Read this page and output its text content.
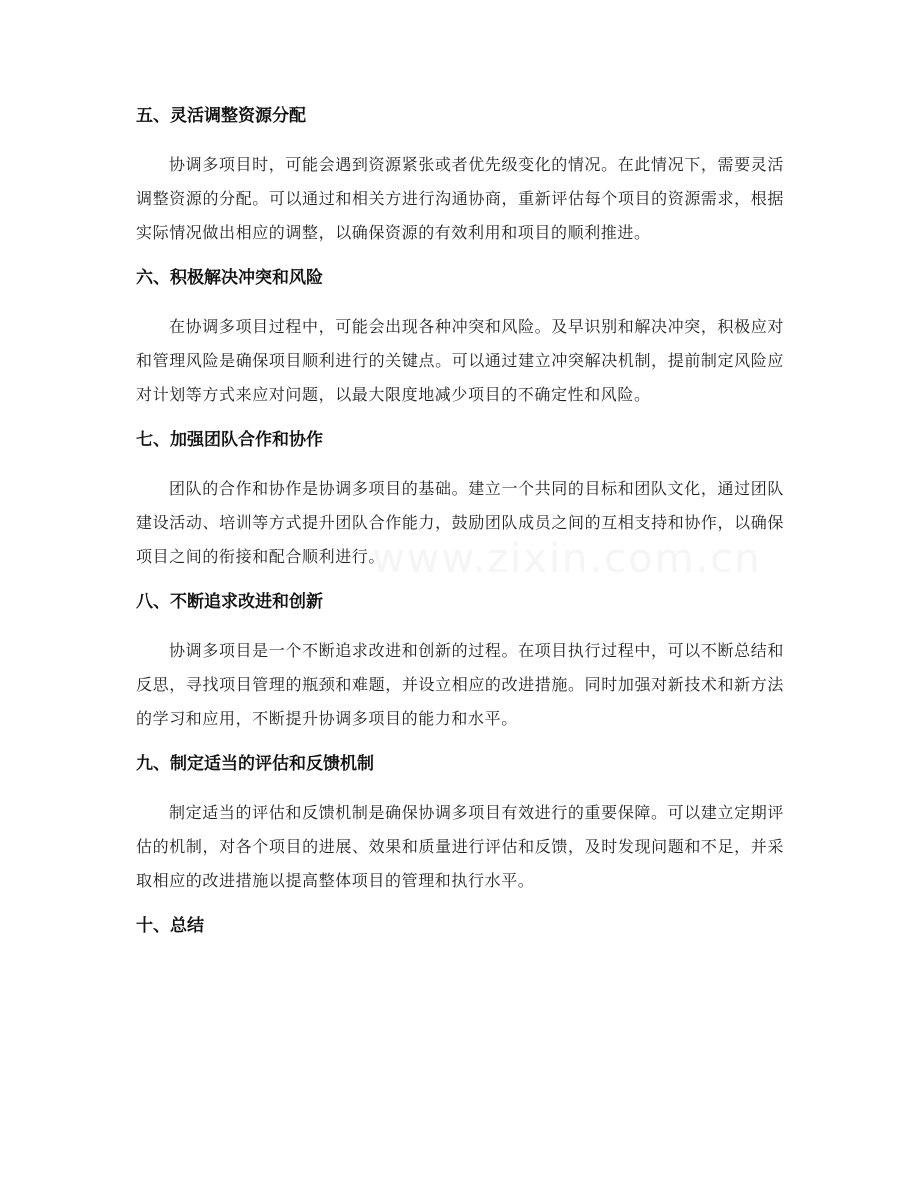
www.zixin.com.cn
五、灵活调整资源分配

协调多项目时，可能会遇到资源紧张或者优先级变化的情况。在此情况下，需要灵活调整资源的分配。可以通过和相关方进行沟通协商，重新评估每个项目的资源需求，根据实际情况做出相应的调整，以确保资源的有效利用和项目的顺利推进。

六、积极解决冲突和风险

在协调多项目过程中，可能会出现各种冲突和风险。及早识别和解决冲突，积极应对和管理风险是确保项目顺利进行的关键点。可以通过建立冲突解决机制，提前制定风险应对计划等方式来应对问题，以最大限度地减少项目的不确定性和风险。

七、加强团队合作和协作

团队的合作和协作是协调多项目的基础。建立一个共同的目标和团队文化，通过团队建设活动、培训等方式提升团队合作能力，鼓励团队成员之间的互相支持和协作，以确保项目之间的衔接和配合顺利进行。

八、不断追求改进和创新

协调多项目是一个不断追求改进和创新的过程。在项目执行过程中，可以不断总结和反思，寻找项目管理的瓶颈和难题，并设立相应的改进措施。同时加强对新技术和新方法的学习和应用，不断提升协调多项目的能力和水平。

九、制定适当的评估和反馈机制

制定适当的评估和反馈机制是确保协调多项目有效进行的重要保障。可以建立定期评估的机制，对各个项目的进展、效果和质量进行评估和反馈，及时发现问题和不足，并采取相应的改进措施以提高整体项目的管理和执行水平。

十、总结
